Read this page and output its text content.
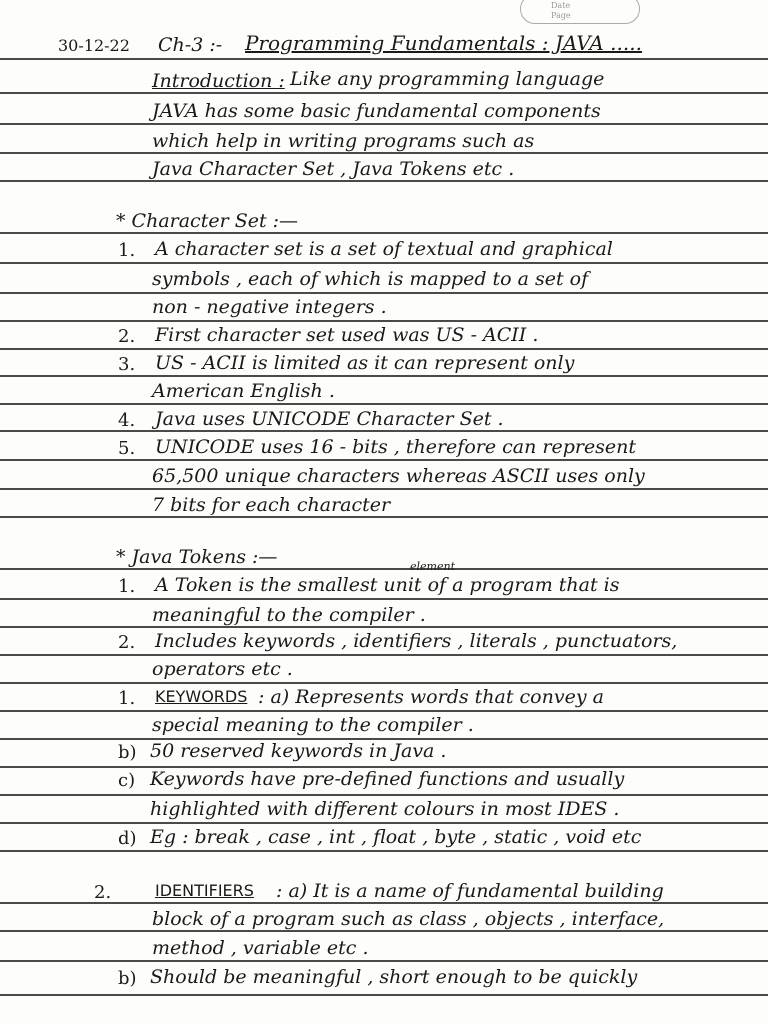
Date
Page
30-12-22 Ch-3 :- Programming Fundamentals : JAVA .....
Introduction : Like any programming language
JAVA has some basic fundamental components
which help in writing programs such as
Java Character Set , Java Tokens etc .
* Character Set :—
1. A character set is a set of textual and graphical
symbols , each of which is mapped to a set of
non - negative integers .
2. First character set used was US - ACII .
3. US - ACII is limited as it can represent only
American English .
4. Java uses UNICODE Character Set .
5. UNICODE uses 16 - bits , therefore can represent
65,500 unique characters whereas ASCII uses only
7 bits for each character
* Java Tokens :—	element
1. A Token is the smallest unit of a program that is
meaningful to the compiler .
2. Includes keywords , identifiers , literals , punctuators,
operators etc .
1. KEYWORDS : a) Represents words that convey a
special meaning to the compiler .
b) 50 reserved keywords in Java .
c) Keywords have pre-defined functions and usually
highlighted with different colours in most IDES .
d) Eg : break , case , int , float , byte , static , void etc
2.	IDENTIFIERS : a) It is a name of fundamental building
block of a program such as class , objects , interface,
method , variable etc .
b) Should be meaningful , short enough to be quickly
